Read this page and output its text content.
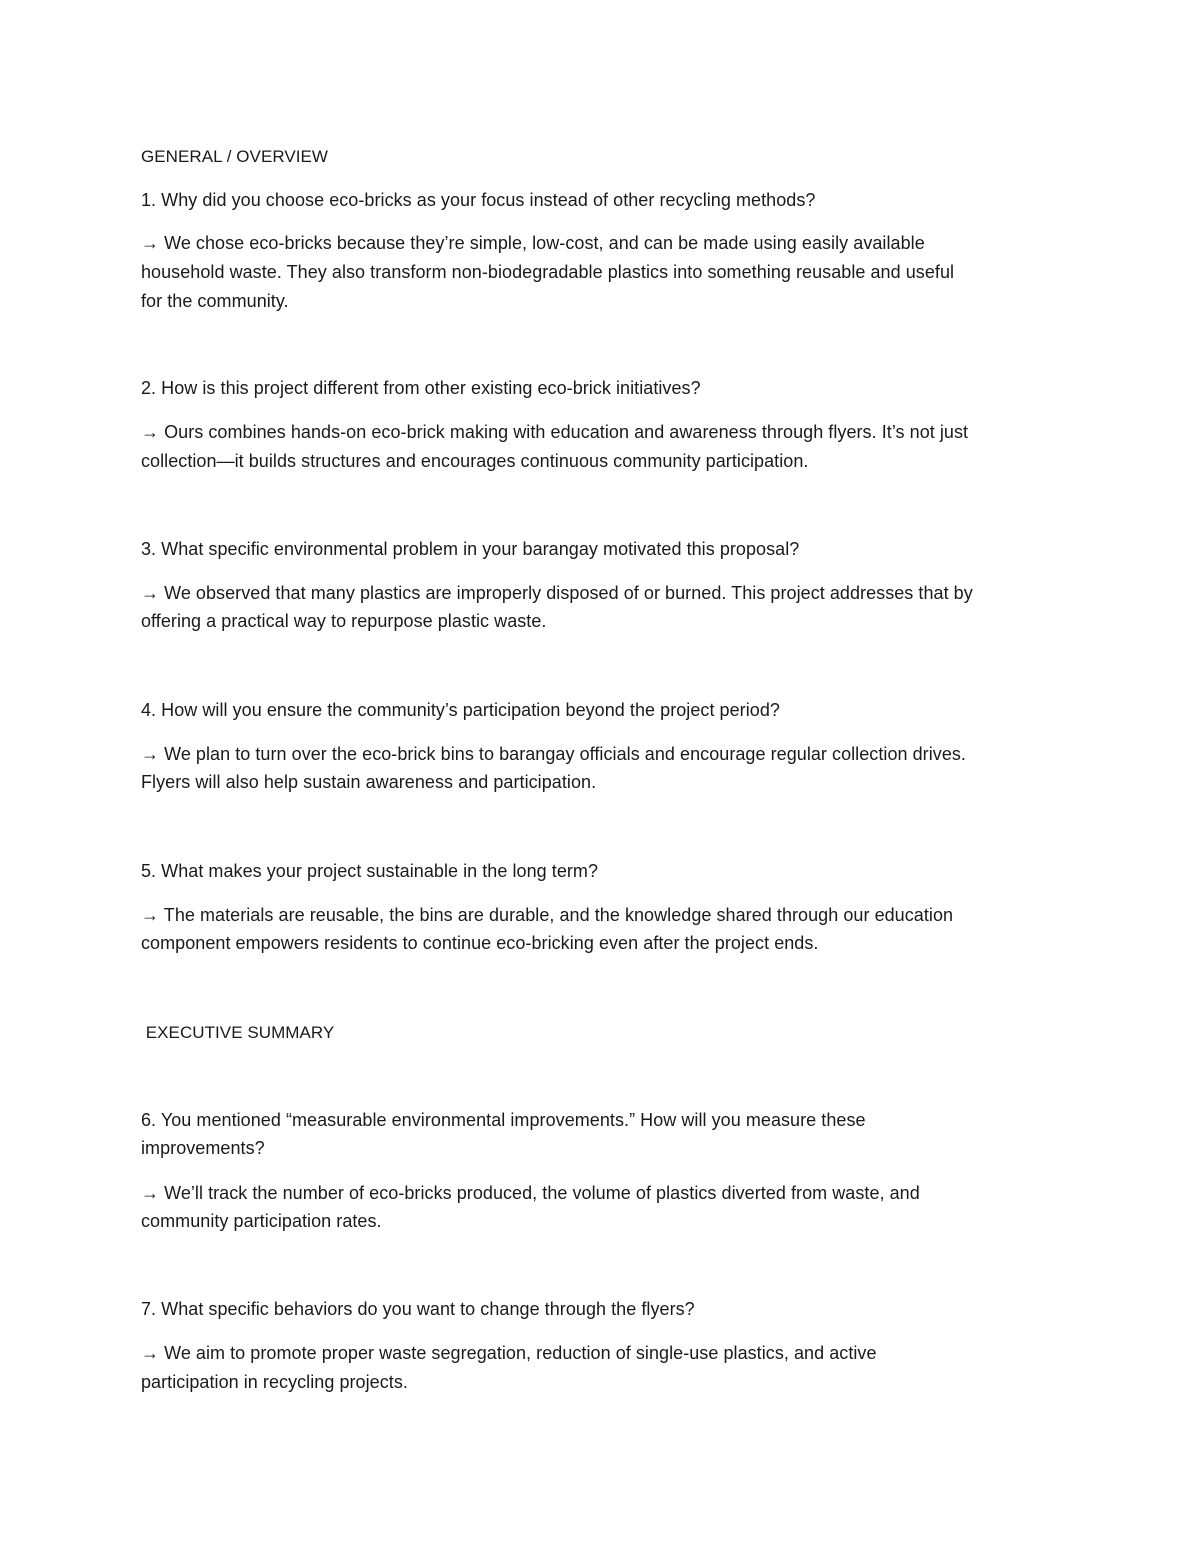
GENERAL / OVERVIEW
1. Why did you choose eco-bricks as your focus instead of other recycling methods?
→ We chose eco-bricks because they’re simple, low-cost, and can be made using easily available
household waste. They also transform non-biodegradable plastics into something reusable and useful
for the community.
2. How is this project different from other existing eco-brick initiatives?
→ Ours combines hands-on eco-brick making with education and awareness through flyers. It’s not just
collection—it builds structures and encourages continuous community participation.
3. What specific environmental problem in your barangay motivated this proposal?
→ We observed that many plastics are improperly disposed of or burned. This project addresses that by
offering a practical way to repurpose plastic waste.
4. How will you ensure the community’s participation beyond the project period?
→ We plan to turn over the eco-brick bins to barangay officials and encourage regular collection drives.
Flyers will also help sustain awareness and participation.
5. What makes your project sustainable in the long term?
→ The materials are reusable, the bins are durable, and the knowledge shared through our education
component empowers residents to continue eco-bricking even after the project ends.
EXECUTIVE SUMMARY
6. You mentioned “measurable environmental improvements.” How will you measure these
improvements?
→ We’ll track the number of eco-bricks produced, the volume of plastics diverted from waste, and
community participation rates.
7. What specific behaviors do you want to change through the flyers?
→ We aim to promote proper waste segregation, reduction of single-use plastics, and active
participation in recycling projects.
